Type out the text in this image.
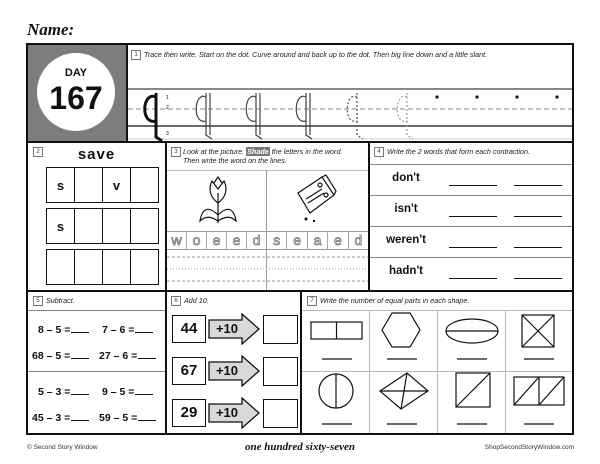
Name:
DAY
167
1 Trace then write. Start on the dot. Curve around and back up to the dot. Then big line down and a little slant.
1
2
3
2	save
s		v	
s			

3 Look at the picture. Shade the letters in the word.
Then write the word on the lines.
w o e e d s e a e d
4 Write the 2 words that form each contraction.
don't
isn't
weren't
hadn't
5 Subtract.
8 – 5 =	7 – 6 =
68 – 5 =	27 – 6 =
5 – 3 =	9 – 5 =
45 – 3 =	59 – 5 =
6 Add 10.
44	+10
67	+10
29	+10
7 Write the number of equal parts in each shape.
© Second Story Window	one hundred sixty-seven	ShopSecondStoryWindow.com
